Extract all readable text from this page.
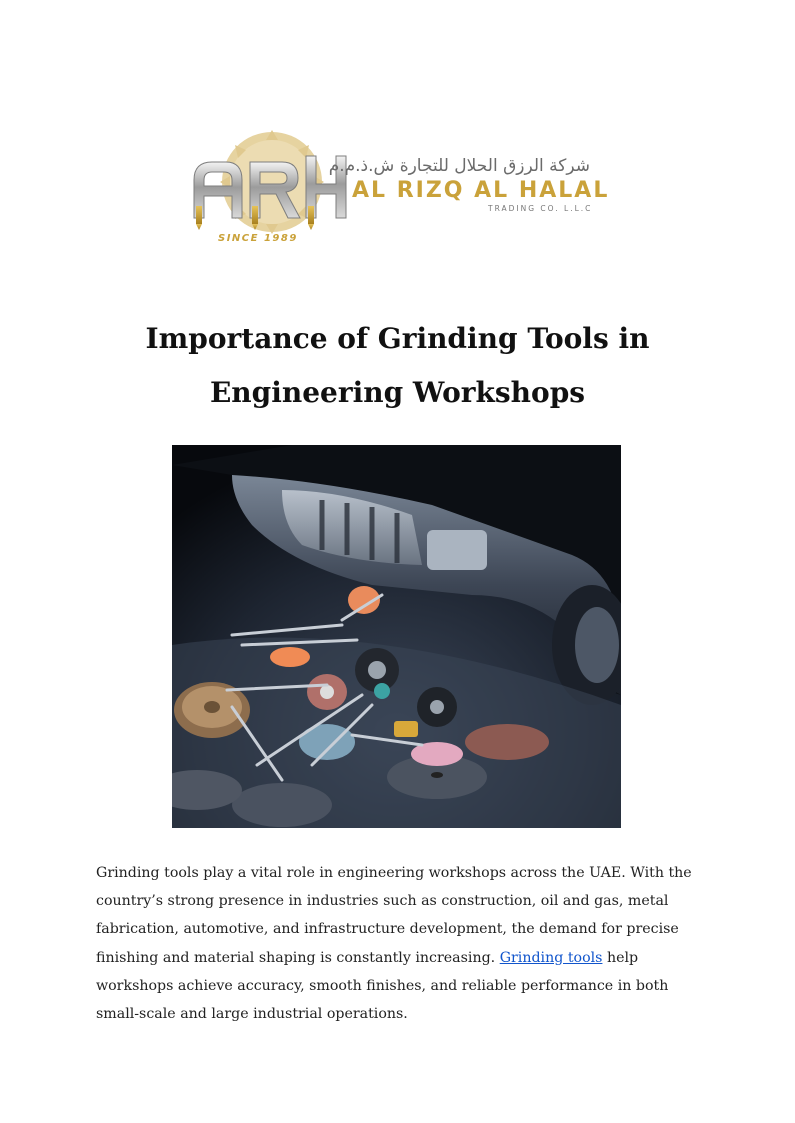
شركة الرزق الحلال للتجارة ش.ذ.م.م
AL RIZQ AL HALAL
TRADING CO. L.L.C
SINCE 1989
Importance of Grinding Tools in
Engineering Workshops

Grinding tools play a vital role in engineering workshops across the UAE. With the country’s strong presence in industries such as construction, oil and gas, metal fabrication, automotive, and infrastructure development, the demand for precise finishing and material shaping is constantly increasing. Grinding tools help workshops achieve accuracy, smooth finishes, and reliable performance in both small-scale and large industrial operations.
